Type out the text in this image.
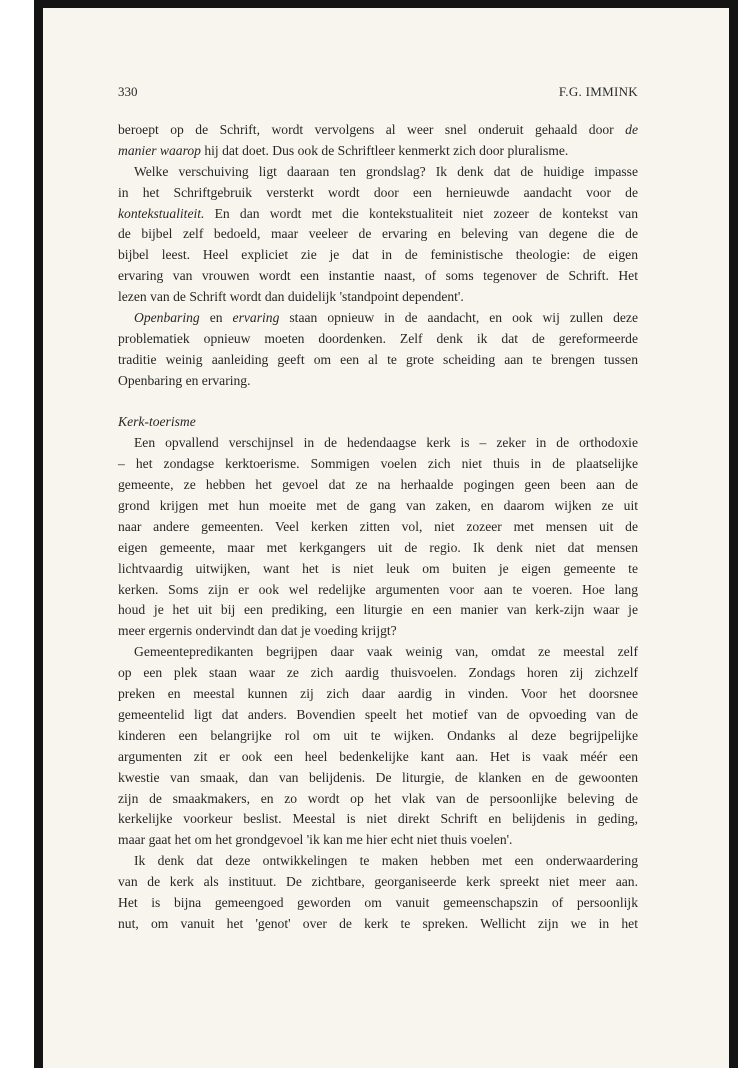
330	F.G. IMMINK
beroept op de Schrift, wordt vervolgens al weer snel onderuit gehaald door de
manier waarop hij dat doet. Dus ook de Schriftleer kenmerkt zich door pluralisme.
Welke verschuiving ligt daaraan ten grondslag? Ik denk dat de huidige impasse
in het Schriftgebruik versterkt wordt door een hernieuwde aandacht voor de
kontekstualiteit. En dan wordt met die kontekstualiteit niet zozeer de kontekst van
de bijbel zelf bedoeld, maar veeleer de ervaring en beleving van degene die de
bijbel leest. Heel expliciet zie je dat in de feministische theologie: de eigen
ervaring van vrouwen wordt een instantie naast, of soms tegenover de Schrift. Het
lezen van de Schrift wordt dan duidelijk 'standpoint dependent'.
Openbaring en ervaring staan opnieuw in de aandacht, en ook wij zullen deze
problematiek opnieuw moeten doordenken. Zelf denk ik dat de gereformeerde
traditie weinig aanleiding geeft om een al te grote scheiding aan te brengen tussen
Openbaring en ervaring.
Kerk-toerisme
Een opvallend verschijnsel in de hedendaagse kerk is – zeker in de orthodoxie
– het zondagse kerktoerisme. Sommigen voelen zich niet thuis in de plaatselijke
gemeente, ze hebben het gevoel dat ze na herhaalde pogingen geen been aan de
grond krijgen met hun moeite met de gang van zaken, en daarom wijken ze uit
naar andere gemeenten. Veel kerken zitten vol, niet zozeer met mensen uit de
eigen gemeente, maar met kerkgangers uit de regio. Ik denk niet dat mensen
lichtvaardig uitwijken, want het is niet leuk om buiten je eigen gemeente te
kerken. Soms zijn er ook wel redelijke argumenten voor aan te voeren. Hoe lang
houd je het uit bij een prediking, een liturgie en een manier van kerk-zijn waar je
meer ergernis ondervindt dan dat je voeding krijgt?
Gemeentepredikanten begrijpen daar vaak weinig van, omdat ze meestal zelf
op een plek staan waar ze zich aardig thuisvoelen. Zondags horen zij zichzelf
preken en meestal kunnen zij zich daar aardig in vinden. Voor het doorsnee
gemeentelid ligt dat anders. Bovendien speelt het motief van de opvoeding van de
kinderen een belangrijke rol om uit te wijken. Ondanks al deze begrijpelijke
argumenten zit er ook een heel bedenkelijke kant aan. Het is vaak méér een
kwestie van smaak, dan van belijdenis. De liturgie, de klanken en de gewoonten
zijn de smaakmakers, en zo wordt op het vlak van de persoonlijke beleving de
kerkelijke voorkeur beslist. Meestal is niet direkt Schrift en belijdenis in geding,
maar gaat het om het grondgevoel 'ik kan me hier echt niet thuis voelen'.
Ik denk dat deze ontwikkelingen te maken hebben met een onderwaardering
van de kerk als instituut. De zichtbare, georganiseerde kerk spreekt niet meer aan.
Het is bijna gemeengoed geworden om vanuit gemeenschapszin of persoonlijk
nut, om vanuit het 'genot' over de kerk te spreken. Wellicht zijn we in het
